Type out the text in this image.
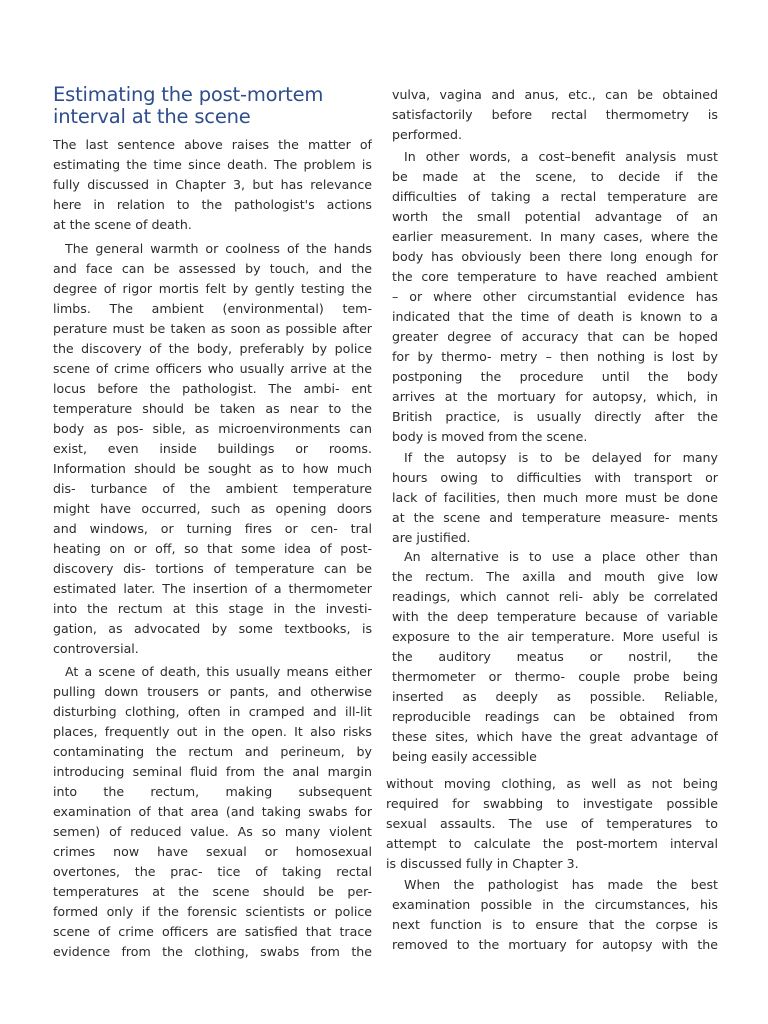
Estimating the post-mortem
interval at the scene
The last sentence above raises the matter of
estimating the time since death. The problem is
fully discussed in Chapter 3, but has relevance
here in relation to the pathologist's actions
at the scene of death.
The general warmth or coolness of the hands
and face can be assessed by touch, and the
degree of rigor mortis felt by gently testing the
limbs. The ambient (environmental) tem-
perature must be taken as soon as possible after
the discovery of the body, preferably by police
scene of crime officers who usually arrive at the
locus before the pathologist. The ambi- ent
temperature should be taken as near to the
body as pos- sible, as microenvironments can
exist, even inside buildings or rooms.
Information should be sought as to how much
dis- turbance of the ambient temperature
might have occurred, such as opening doors
and windows, or turning fires or cen- tral
heating on or off, so that some idea of post-
discovery dis- tortions of temperature can be
estimated later. The insertion of a thermometer
into the rectum at this stage in the investi-
gation, as advocated by some textbooks, is
controversial.
At a scene of death, this usually means either
pulling down trousers or pants, and otherwise
disturbing clothing, often in cramped and ill-lit
places, frequently out in the open. It also risks
contaminating the rectum and perineum, by
introducing seminal fluid from the anal margin
into the rectum, making subsequent
examination of that area (and taking swabs for
semen) of reduced value. As so many violent
crimes now have sexual or homosexual
overtones, the prac- tice of taking rectal
temperatures at the scene should be per-
formed only if the forensic scientists or police
scene of crime officers are satisfied that trace
evidence from the clothing, swabs from the
vulva, vagina and anus, etc., can be obtained
satisfactorily before rectal thermometry is
performed.
In other words, a cost–benefit analysis must
be made at the scene, to decide if the
difficulties of taking a rectal temperature are
worth the small potential advantage of an
earlier measurement. In many cases, where the
body has obviously been there long enough for
the core temperature to have reached ambient
– or where other circumstantial evidence has
indicated that the time of death is known to a
greater degree of accuracy that can be hoped
for by thermo- metry – then nothing is lost by
postponing the procedure until the body
arrives at the mortuary for autopsy, which, in
British practice, is usually directly after the
body is moved from the scene.
If the autopsy is to be delayed for many
hours owing to difficulties with transport or
lack of facilities, then much more must be done
at the scene and temperature measure- ments
are justified.
An alternative is to use a place other than
the rectum. The axilla and mouth give low
readings, which cannot reli- ably be correlated
with the deep temperature because of variable
exposure to the air temperature. More useful is
the auditory meatus or nostril, the
thermometer or thermo- couple probe being
inserted as deeply as possible. Reliable,
reproducible readings can be obtained from
these sites, which have the great advantage of
being easily accessible
without moving clothing, as well as not being
required for swabbing to investigate possible
sexual assaults. The use of temperatures to
attempt to calculate the post-mortem interval
is discussed fully in Chapter 3.
When the pathologist has made the best
examination possible in the circumstances, his
next function is to ensure that the corpse is
removed to the mortuary for autopsy with the
